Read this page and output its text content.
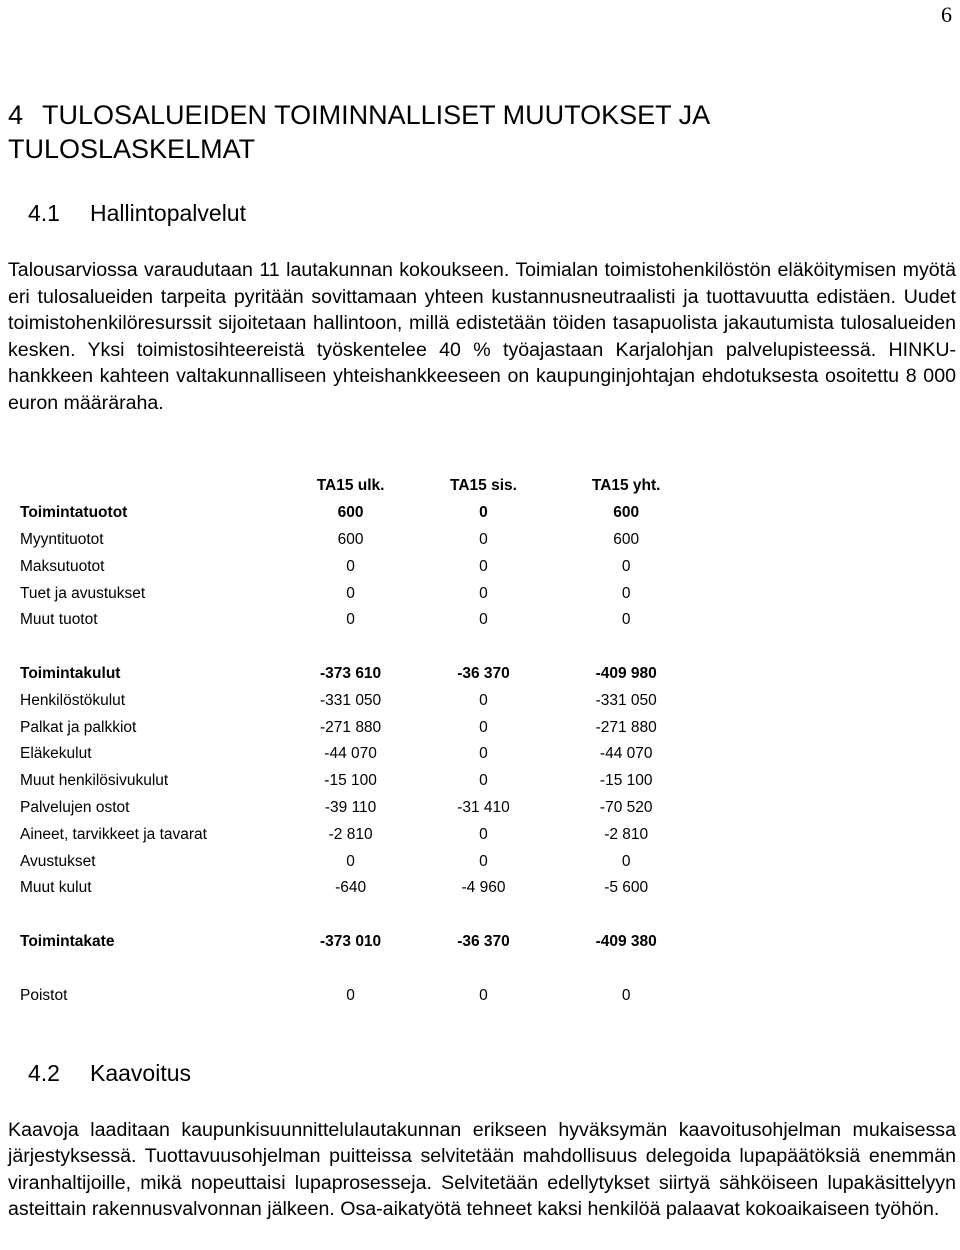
6
4 TULOSALUEIDEN TOIMINNALLISET MUUTOKSET JA TULOSLASKELMAT
4.1 Hallintopalvelut

Talousarviossa varaudutaan 11 lautakunnan kokoukseen. Toimialan toimistohenkilöstön eläköitymisen myötä eri tulosalueiden tarpeita pyritään sovittamaan yhteen kustannusneutraalisti ja tuottavuutta edistäen. Uudet toimistohenkilöresurssit sijoitetaan hallintoon, millä edistetään töiden tasapuolista jakautumista tulosalueiden kesken. Yksi toimistosihteereistä työskentelee 40 % työajastaan Karjalohjan palvelupisteessä. HINKU-hankkeen kahteen valtakunnalliseen yhteishankkeeseen on kaupunginjohtajan ehdotuksesta osoitettu 8 000 euron määräraha.

	TA15 ulk.	TA15 sis.	TA15 yht.
Toimintatuotot	600	0	600
Myyntituotot	600	0	600
Maksutuotot	0	0	0
Tuet ja avustukset	0	0	0
Muut tuotot	0	0	0

Toimintakulut	-373 610	-36 370	-409 980
Henkilöstökulut	-331 050	0	-331 050
Palkat ja palkkiot	-271 880	0	-271 880
Eläkekulut	-44 070	0	-44 070
Muut henkilösivukulut	-15 100	0	-15 100
Palvelujen ostot	-39 110	-31 410	-70 520
Aineet, tarvikkeet ja tavarat	-2 810	0	-2 810
Avustukset	0	0	0
Muut kulut	-640	-4 960	-5 600

Toimintakate	-373 010	-36 370	-409 380

Poistot	0	0	0
4.2 Kaavoitus

Kaavoja laaditaan kaupunkisuunnittelulautakunnan erikseen hyväksymän kaavoitusohjelman mukaisessa järjestyksessä. Tuottavuusohjelman puitteissa selvitetään mahdollisuus delegoida lupapäätöksiä enemmän viranhaltijoille, mikä nopeuttaisi lupaprosesseja. Selvitetään edellytykset siirtyä sähköiseen lupakäsittelyyn asteittain rakennusvalvonnan jälkeen. Osa-aikatyötä tehneet kaksi henkilöä palaavat kokoaikaiseen työhön.
